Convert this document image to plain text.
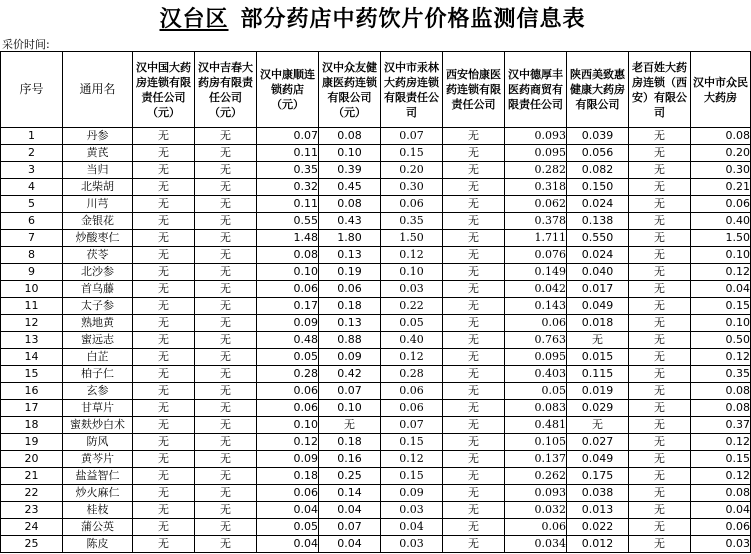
汉台区 部分药店中药饮片价格监测信息表
采价时间:
序号	通用名	汉中国大药房连锁有限责任公司（元）	汉中吉春大药房有限责任公司（元）	汉中康顺连锁药店（元）	汉中众友健康医药连锁有限公司（元）	汉中市汞林大药房连锁有限责任公司	西安怡康医药连锁有限责任公司	汉中德厚丰医药商贸有限责任公司	陕西美致惠健康大药房有限公司	老百姓大药房连锁（西安）有限公司	汉中市众民大药房
1	丹参	无	无	0.07	0.08	0.07	无	0.093	0.039	无	0.08
2	黄芪	无	无	0.11	0.10	0.15	无	0.095	0.056	无	0.20
3	当归	无	无	0.35	0.39	0.20	无	0.282	0.082	无	0.30
4	北柴胡	无	无	0.32	0.45	0.30	无	0.318	0.150	无	0.21
5	川芎	无	无	0.11	0.08	0.06	无	0.062	0.024	无	0.06
6	金银花	无	无	0.55	0.43	0.35	无	0.378	0.138	无	0.40
7	炒酸枣仁	无	无	1.48	1.80	1.50	无	1.711	0.550	无	1.50
8	茯苓	无	无	0.08	0.13	0.12	无	0.076	0.024	无	0.10
9	北沙参	无	无	0.10	0.19	0.10	无	0.149	0.040	无	0.12
10	首乌藤	无	无	0.06	0.06	0.03	无	0.042	0.017	无	0.04
11	太子参	无	无	0.17	0.18	0.22	无	0.143	0.049	无	0.15
12	熟地黄	无	无	0.09	0.13	0.05	无	0.06	0.018	无	0.10
13	蜜远志	无	无	0.48	0.88	0.40	无	0.763	无	无	0.50
14	白芷	无	无	0.05	0.09	0.12	无	0.095	0.015	无	0.12
15	柏子仁	无	无	0.28	0.42	0.28	无	0.403	0.115	无	0.35
16	玄参	无	无	0.06	0.07	0.06	无	0.05	0.019	无	0.08
17	甘草片	无	无	0.06	0.10	0.06	无	0.083	0.029	无	0.08
18	蜜麸炒白术	无	无	0.10	无	0.07	无	0.481	无	无	0.37
19	防风	无	无	0.12	0.18	0.15	无	0.105	0.027	无	0.12
20	黄芩片	无	无	0.09	0.16	0.12	无	0.137	0.049	无	0.15
21	盐益智仁	无	无	0.18	0.25	0.15	无	0.262	0.175	无	0.12
22	炒火麻仁	无	无	0.06	0.14	0.09	无	0.093	0.038	无	0.08
23	桂枝	无	无	0.04	0.04	0.03	无	0.032	0.013	无	0.04
24	蒲公英	无	无	0.05	0.07	0.04	无	0.06	0.022	无	0.06
25	陈皮	无	无	0.04	0.04	0.03	无	0.034	0.012	无	0.03
